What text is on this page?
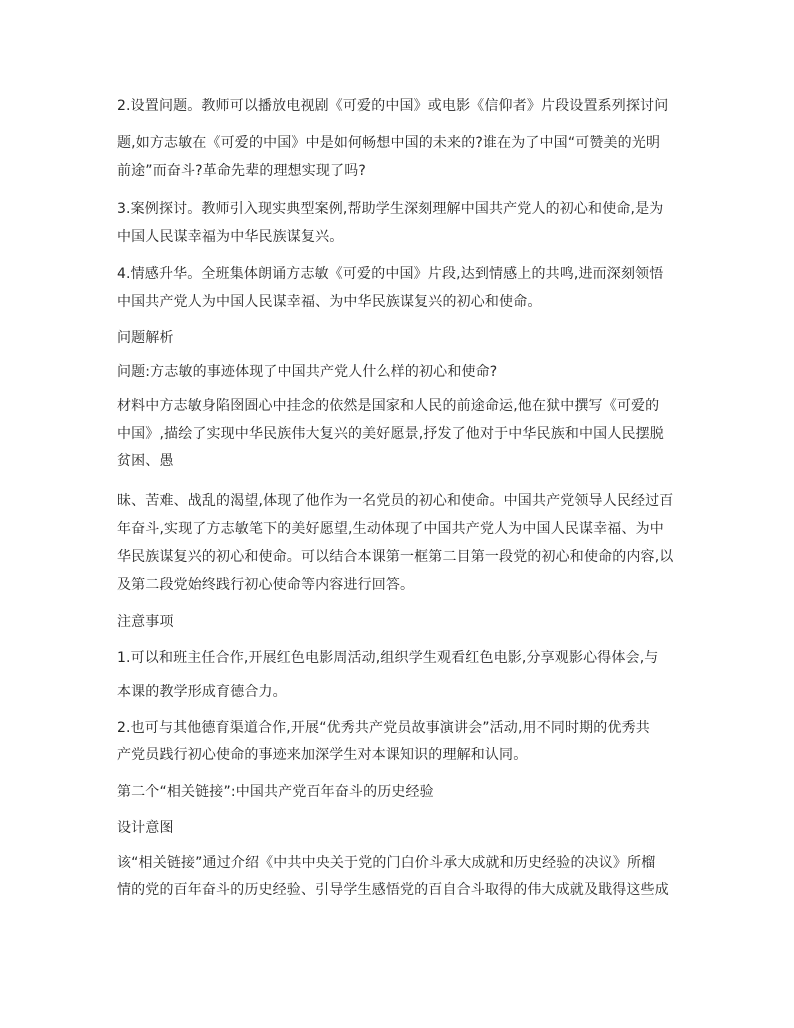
2.设置问题。教师可以播放电视剧《可爱的中国》或电影《信仰者》片段设置系列探讨问
题,如方志敏在《可爱的中国》中是如何畅想中国的未来的?谁在为了中国“可赞美的光明
前途”而奋斗?革命先辈的理想实现了吗?
3.案例探讨。教师引入现实典型案例,帮助学生深刻理解中国共产党人的初心和使命,是为
中国人民谋幸福为中华民族谋复兴。
4.情感升华。全班集体朗诵方志敏《可爱的中国》片段,达到情感上的共鸣,进而深刻领悟
中国共产党人为中国人民谋幸福、为中华民族谋复兴的初心和使命。
问题解析
问题:方志敏的事迹体现了中国共产党人什么样的初心和使命?
材料中方志敏身陷囹圄心中挂念的依然是国家和人民的前途命运,他在狱中撰写《可爱的
中国》,描绘了实现中华民族伟大复兴的美好愿景,抒发了他对于中华民族和中国人民摆脱
贫困、愚
昧、苦难、战乱的渴望,体现了他作为一名党员的初心和使命。中国共产党领导人民经过百
年奋斗,实现了方志敏笔下的美好愿望,生动体现了中国共产党人为中国人民谋幸福、为中
华民族谋复兴的初心和使命。可以结合本课第一框第二目第一段党的初心和使命的内容,以
及第二段党始终践行初心使命等内容进行回答。
注意事项
1.可以和班主任合作,开展红色电影周活动,组织学生观看红色电影,分享观影心得体会,与
本课的教学形成育德合力。
2.也可与其他德育渠道合作,开展“优秀共产党员故事演讲会”活动,用不同时期的优秀共
产党员践行初心使命的事迹来加深学生对本课知识的理解和认同。
第二个“相关链接”:中国共产党百年奋斗的历史经验
设计意图
该“相关链接”通过介绍《中共中央关于党的门白价斗承大成就和历史经验的决议》所榴
情的党的百年奋斗的历史经验、引导学生感悟党的百自合斗取得的伟大成就及戢得这些成
